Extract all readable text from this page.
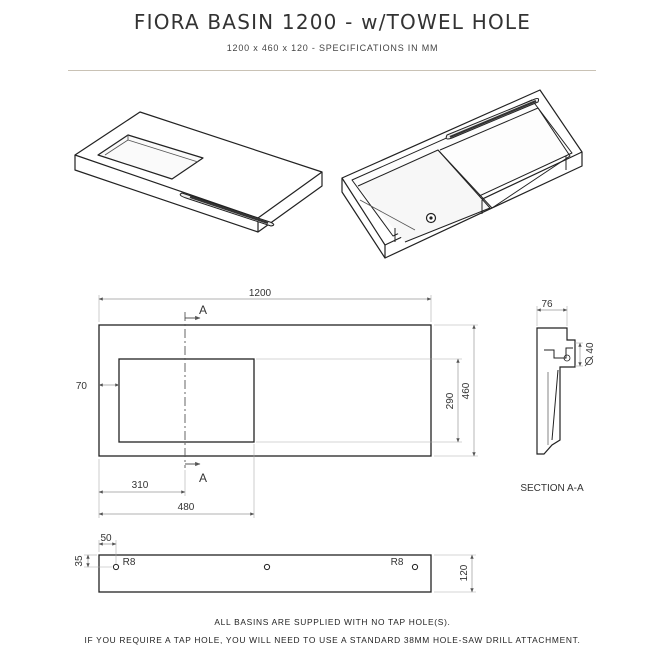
FIORA BASIN 1200 - w/TOWEL HOLE
1200 x 460 x 120 - SPECIFICATIONS IN MM
1200
A
A
70
310
480
290
460
76
40
SECTION A-A
50
35	R8	R8
120
ALL BASINS ARE SUPPLIED WITH NO TAP HOLE(S).
IF YOU REQUIRE A TAP HOLE, YOU WILL NEED TO USE A STANDARD 38MM HOLE-SAW DRILL ATTACHMENT.
